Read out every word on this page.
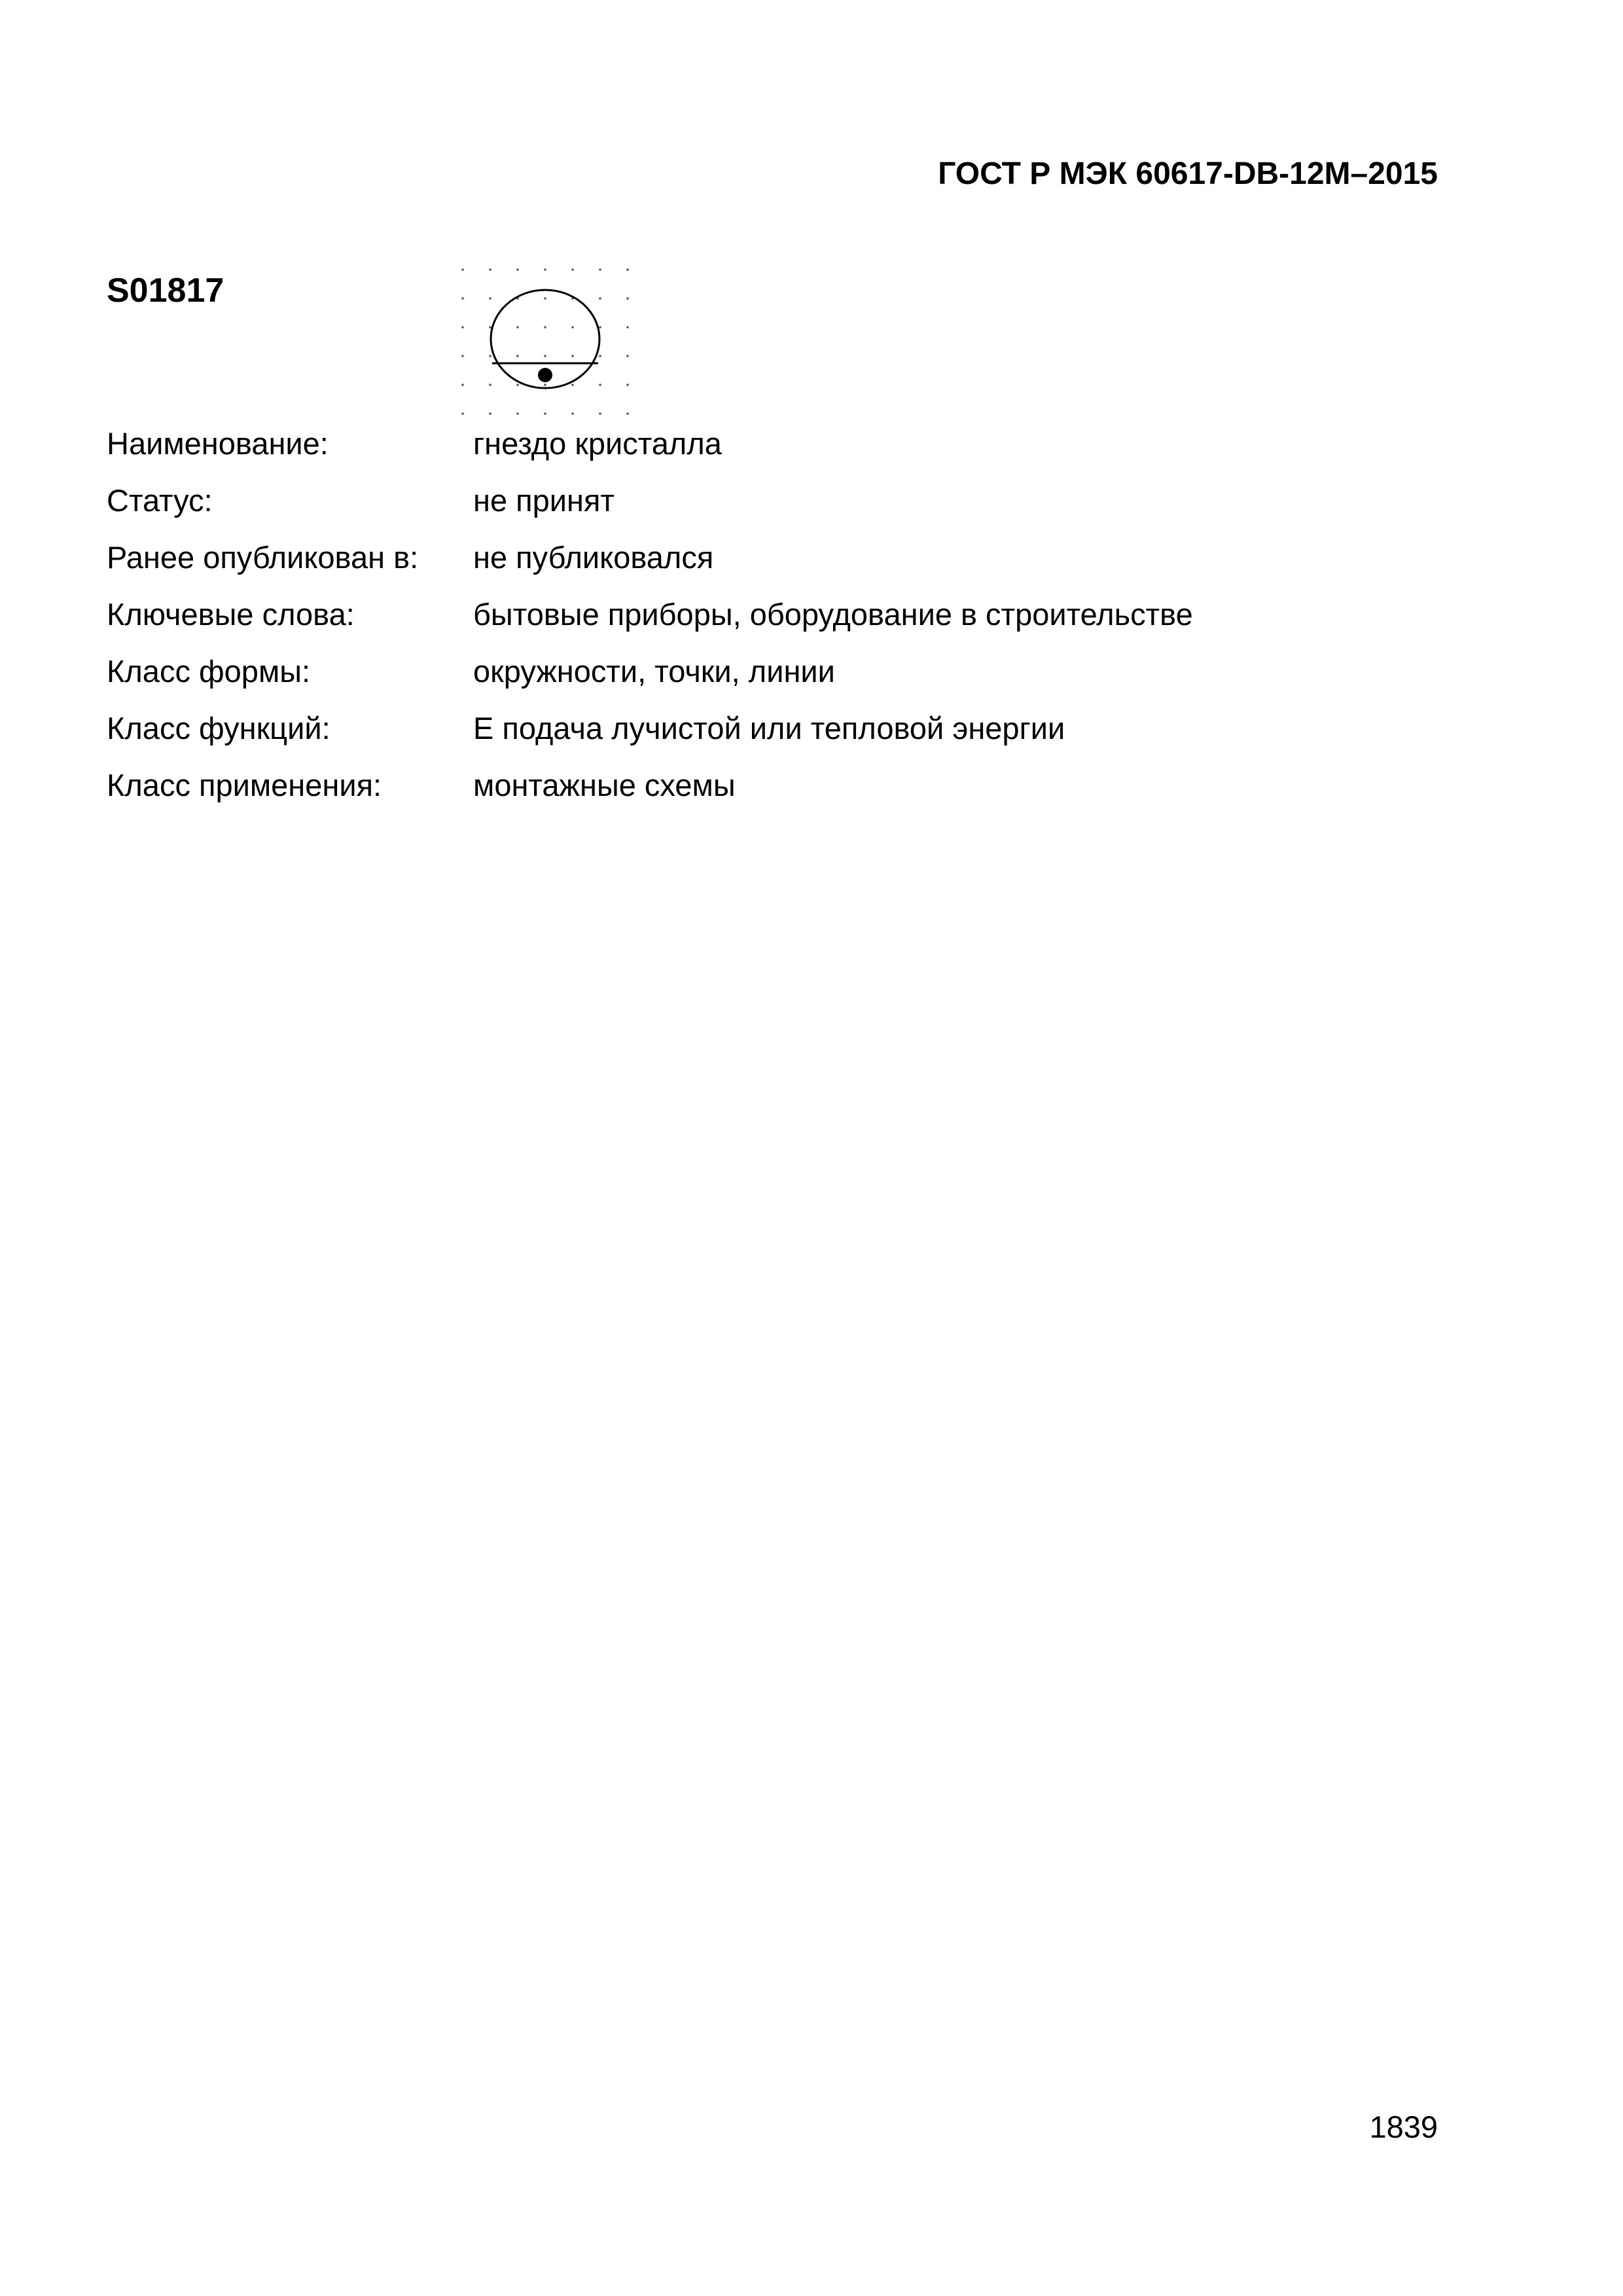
ГОСТ Р МЭК 60617-DB-12M–2015
S01817
Наименование:	гнездо кристалла
Статус:	не принят
Ранее опубликован в: не публиковался
Ключевые слова:	бытовые приборы, оборудование в строительстве
Класс формы:	окружности, точки, линии
Класс функций:	Е подача лучистой или тепловой энергии
Класс применения:	монтажные схемы
1839
